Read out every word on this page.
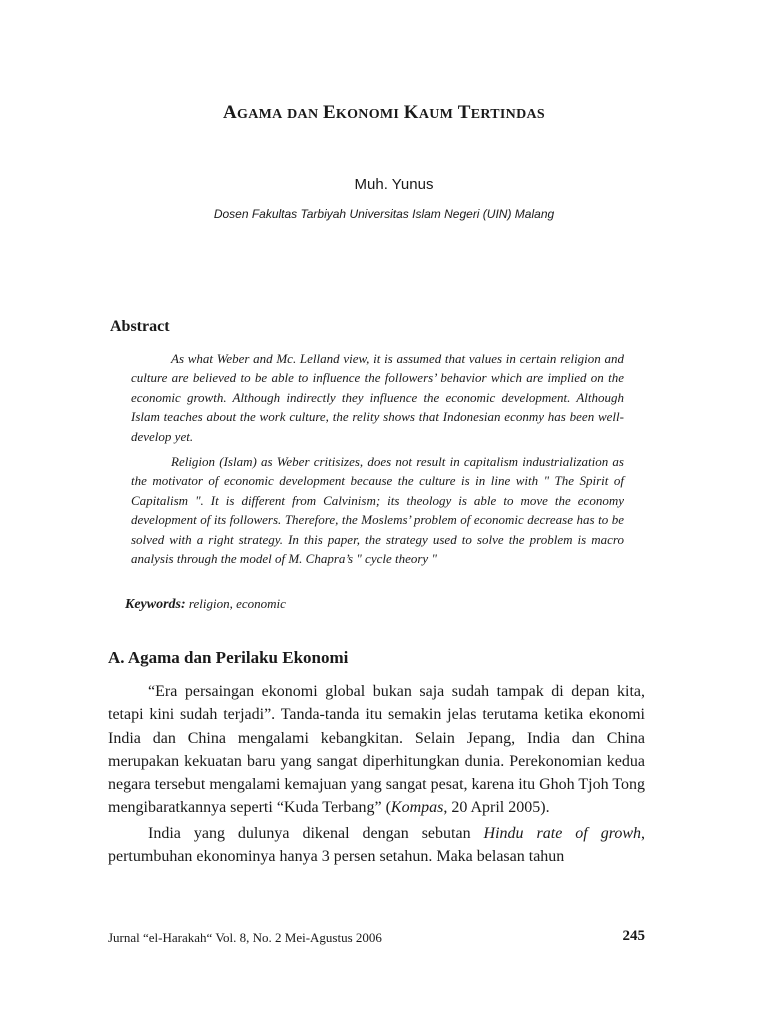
AGAMA DAN EKONOMI KAUM TERTINDAS

Muh. Yunus

Dosen Fakultas Tarbiyah Universitas Islam Negeri (UIN) Malang

Abstract

As what Weber and Mc. Lelland view, it is assumed that values in certain religion and culture are believed to be able to influence the followers’ behavior which are implied on the economic growth. Although indirectly they influence the economic development. Although Islam teaches about the work culture, the relity shows that Indonesian econmy has been well-develop yet.

Religion (Islam) as Weber critisizes, does not result in capitalism industrialization as the motivator of economic development because the culture is in line with " The Spirit of Capitalism ". It is different from Calvinism; its theology is able to move the economy development of its followers. Therefore, the Moslems’ problem of economic decrease has to be solved with a right strategy. In this paper, the strategy used to solve the problem is macro analysis through the model of M. Chapra’s " cycle theory "

Keywords: religion, economic

A. Agama dan Perilaku Ekonomi

“Era persaingan ekonomi global bukan saja sudah tampak di depan kita, tetapi kini sudah terjadi”. Tanda-tanda itu semakin jelas terutama ketika ekonomi India dan China mengalami kebangkitan. Selain Jepang, India dan China merupakan kekuatan baru yang sangat diperhitungkan dunia. Perekonomian kedua negara tersebut mengalami kemajuan yang sangat pesat, karena itu Ghoh Tjoh Tong mengibaratkannya seperti “Kuda Terbang” (Kompas, 20 April 2005).

India yang dulunya dikenal dengan sebutan Hindu rate of growh, pertumbuhan ekonominya hanya 3 persen setahun. Maka belasan tahun

Jurnal “el-Harakah“ Vol. 8, No. 2 Mei-Agustus 2006	245
